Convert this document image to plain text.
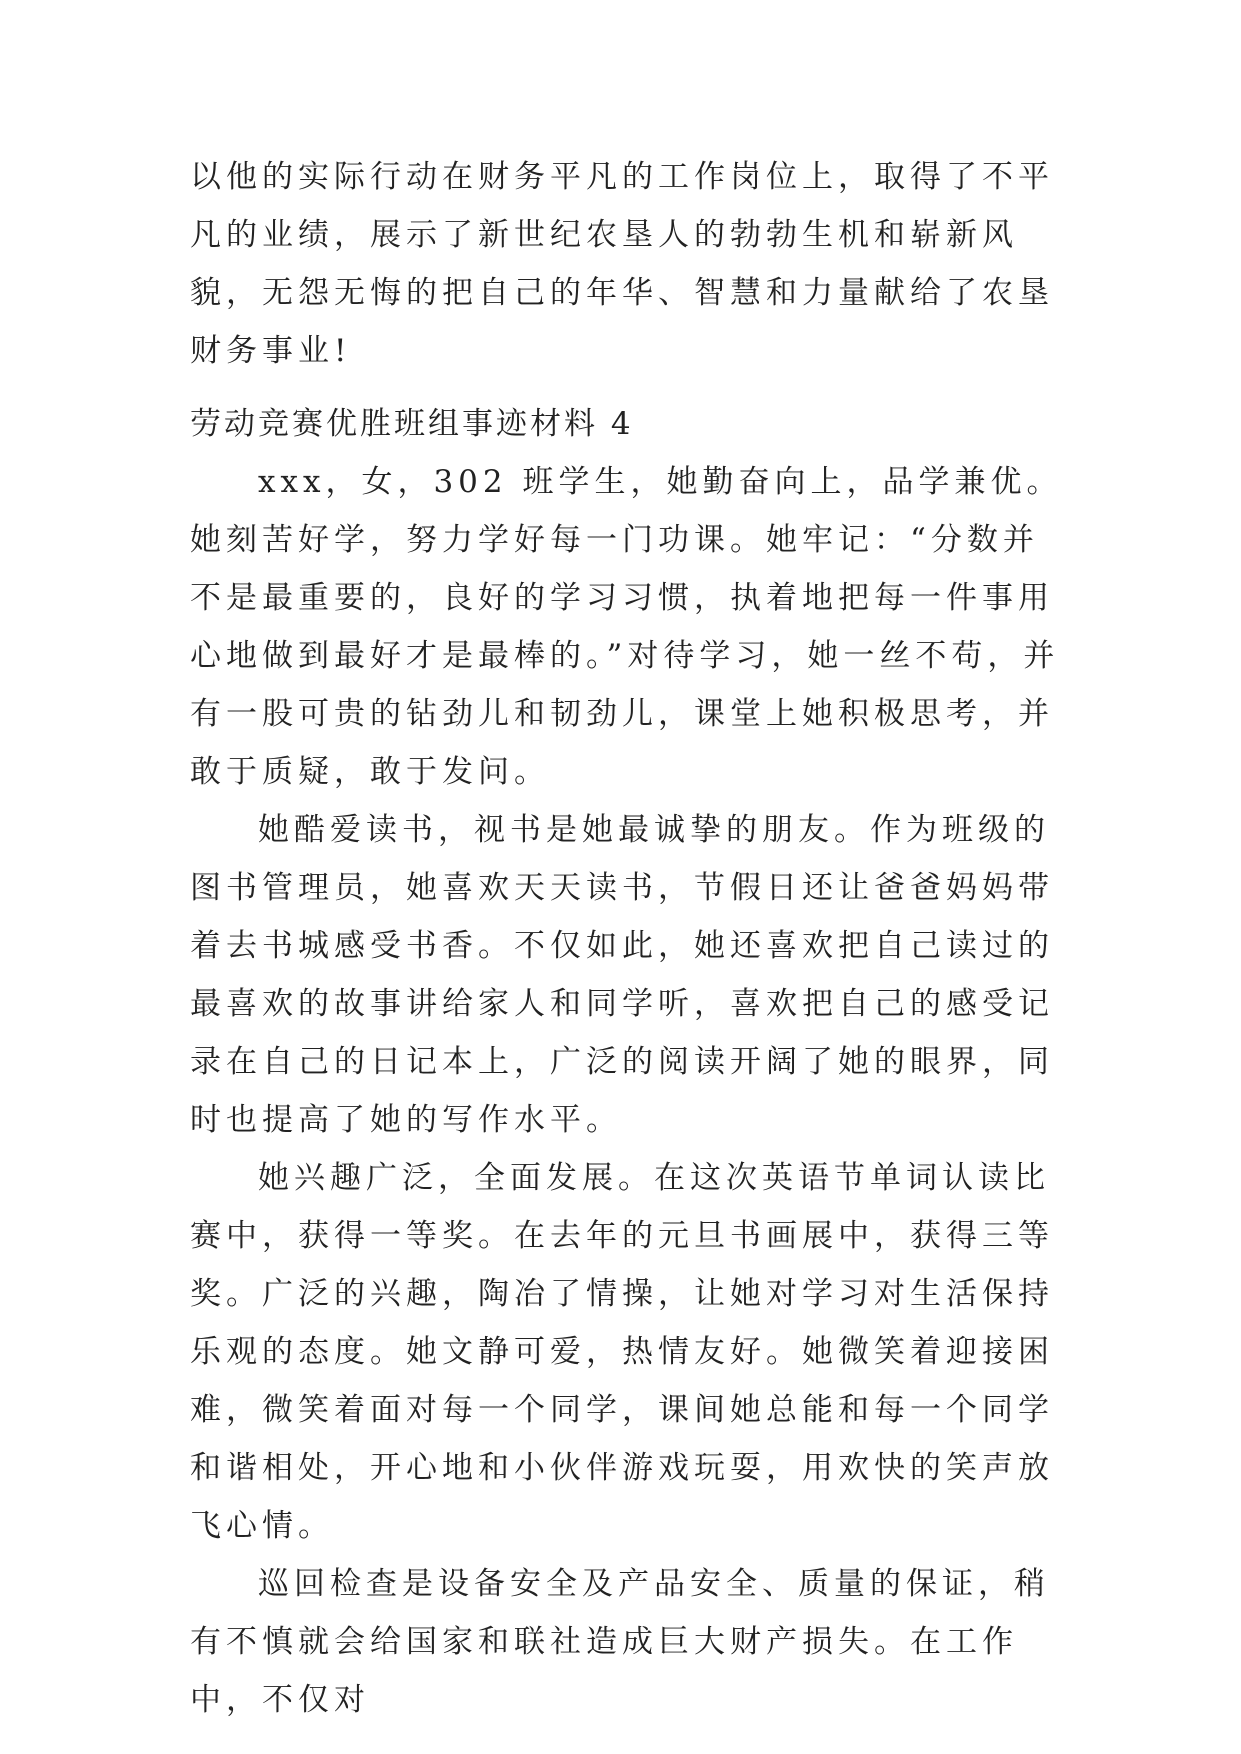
以他的实际行动在财务平凡的工作岗位上，取得了不平凡的业绩，展示了新世纪农垦人的勃勃生机和崭新风貌，无怨无悔的把自己的年华、智慧和力量献给了农垦财务事业!

劳动竞赛优胜班组事迹材料 4

xxx，女，302 班学生，她勤奋向上，品学兼优。她刻苦好学，努力学好每一门功课。她牢记：“分数并不是最重要的，良好的学习习惯，执着地把每一件事用心地做到最好才是最棒的。”对待学习，她一丝不苟，并有一股可贵的钻劲儿和韧劲儿，课堂上她积极思考，并敢于质疑，敢于发问。

她酷爱读书，视书是她最诚挚的朋友。作为班级的图书管理员，她喜欢天天读书，节假日还让爸爸妈妈带着去书城感受书香。不仅如此，她还喜欢把自己读过的最喜欢的故事讲给家人和同学听，喜欢把自己的感受记录在自己的日记本上，广泛的阅读开阔了她的眼界，同时也提高了她的写作水平。

她兴趣广泛，全面发展。在这次英语节单词认读比赛中，获得一等奖。在去年的元旦书画展中，获得三等奖。广泛的兴趣，陶冶了情操，让她对学习对生活保持乐观的态度。她文静可爱，热情友好。她微笑着迎接困难，微笑着面对每一个同学，课间她总能和每一个同学和谐相处，开心地和小伙伴游戏玩耍，用欢快的笑声放飞心情。

巡回检查是设备安全及产品安全、质量的保证，稍有不慎就会给国家和联社造成巨大财产损失。在工作中，不仅对
